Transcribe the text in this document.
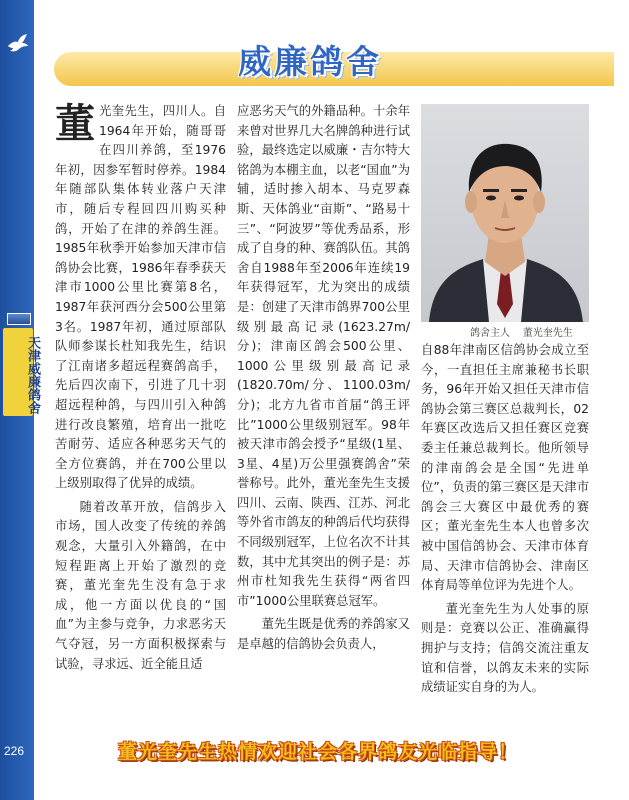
天津威廉鸽舍
226
威廉鸽舍

董光奎先生，四川人。自1964年开始，随哥哥在四川养鸽，至1976年初，因参军暂时停养。1984年随部队集体转业落户天津市，随后专程回四川购买种鸽，开始了在津的养鸽生涯。1985年秋季开始参加天津市信鸽协会比赛，1986年春季获天津市1000公里比赛第8名，1987年获河西分会500公里第3名。1987年初，通过原部队队师参谋长杜知我先生，结识了江南诸多超远程赛鸽高手，先后四次南下，引进了几十羽超远程种鸽，与四川引入种鸽进行改良繁殖，培育出一批吃苦耐劳、适应各种恶劣天气的全方位赛鸽，并在700公里以上级别取得了优异的成绩。

随着改革开放，信鸽步入市场，国人改变了传统的养鸽观念，大量引入外籍鸽，在中短程距离上开始了激烈的竞赛，董光奎先生没有急于求成，他一方面以优良的“国血”为主参与竞争，力求恶劣天气夺冠，另一方面积极探索与试验，寻求远、近全能且适

应恶劣天气的外籍品种。十余年来曾对世界几大名牌鸽种进行试验，最终选定以威廉・吉尔特大铭鸽为本棚主血，以老“国血”为辅，适时掺入胡本、马克罗森斯、天体鸽业“亩斯”、“路易十三”、“阿波罗”等优秀品系，形成了自身的种、赛鸽队伍。其鸽舍自1988年至2006年连续19年获得冠军，尤为突出的成绩是：创建了天津市鸽界700公里级别最高记录(1623.27m/分)；津南区鸽会500公里、1000公里级别最高记录(1820.70m/分、1100.03m/分)；北方九省市首届“鸽王评比”1000公里级别冠军。98年被天津市鸽会授予“星级(1星、3星、4星)万公里强赛鸽舍”荣誉称号。此外，董光奎先生支援四川、云南、陕西、江苏、河北等外省市鸽友的种鸽后代均获得不同级别冠军，上位名次不计其数，其中尤其突出的例子是：苏州市杜知我先生获得“两省四市”1000公里联赛总冠军。

董先生既是优秀的养鸽家又是卓越的信鸽协会负责人，

鸽舍主人    董光奎先生

自88年津南区信鸽协会成立至今，一直担任主席兼秘书长职务，96年开始又担任天津市信鸽协会第三赛区总裁判长，02年赛区改选后又担任赛区竞赛委主任兼总裁判长。他所领导的津南鸽会是全国“先进单位”，负责的第三赛区是天津市鸽会三大赛区中最优秀的赛区；董光奎先生本人也曾多次被中国信鸽协会、天津市体育局、天津市信鸽协会、津南区体育局等单位评为先进个人。

董光奎先生为人处事的原则是：竞赛以公正、准确赢得拥护与支持；信鸽交流注重友谊和信誉，以鸽友未来的实际成绩证实自身的为人。

董光奎先生热情欢迎社会各界鸽友光临指导！
